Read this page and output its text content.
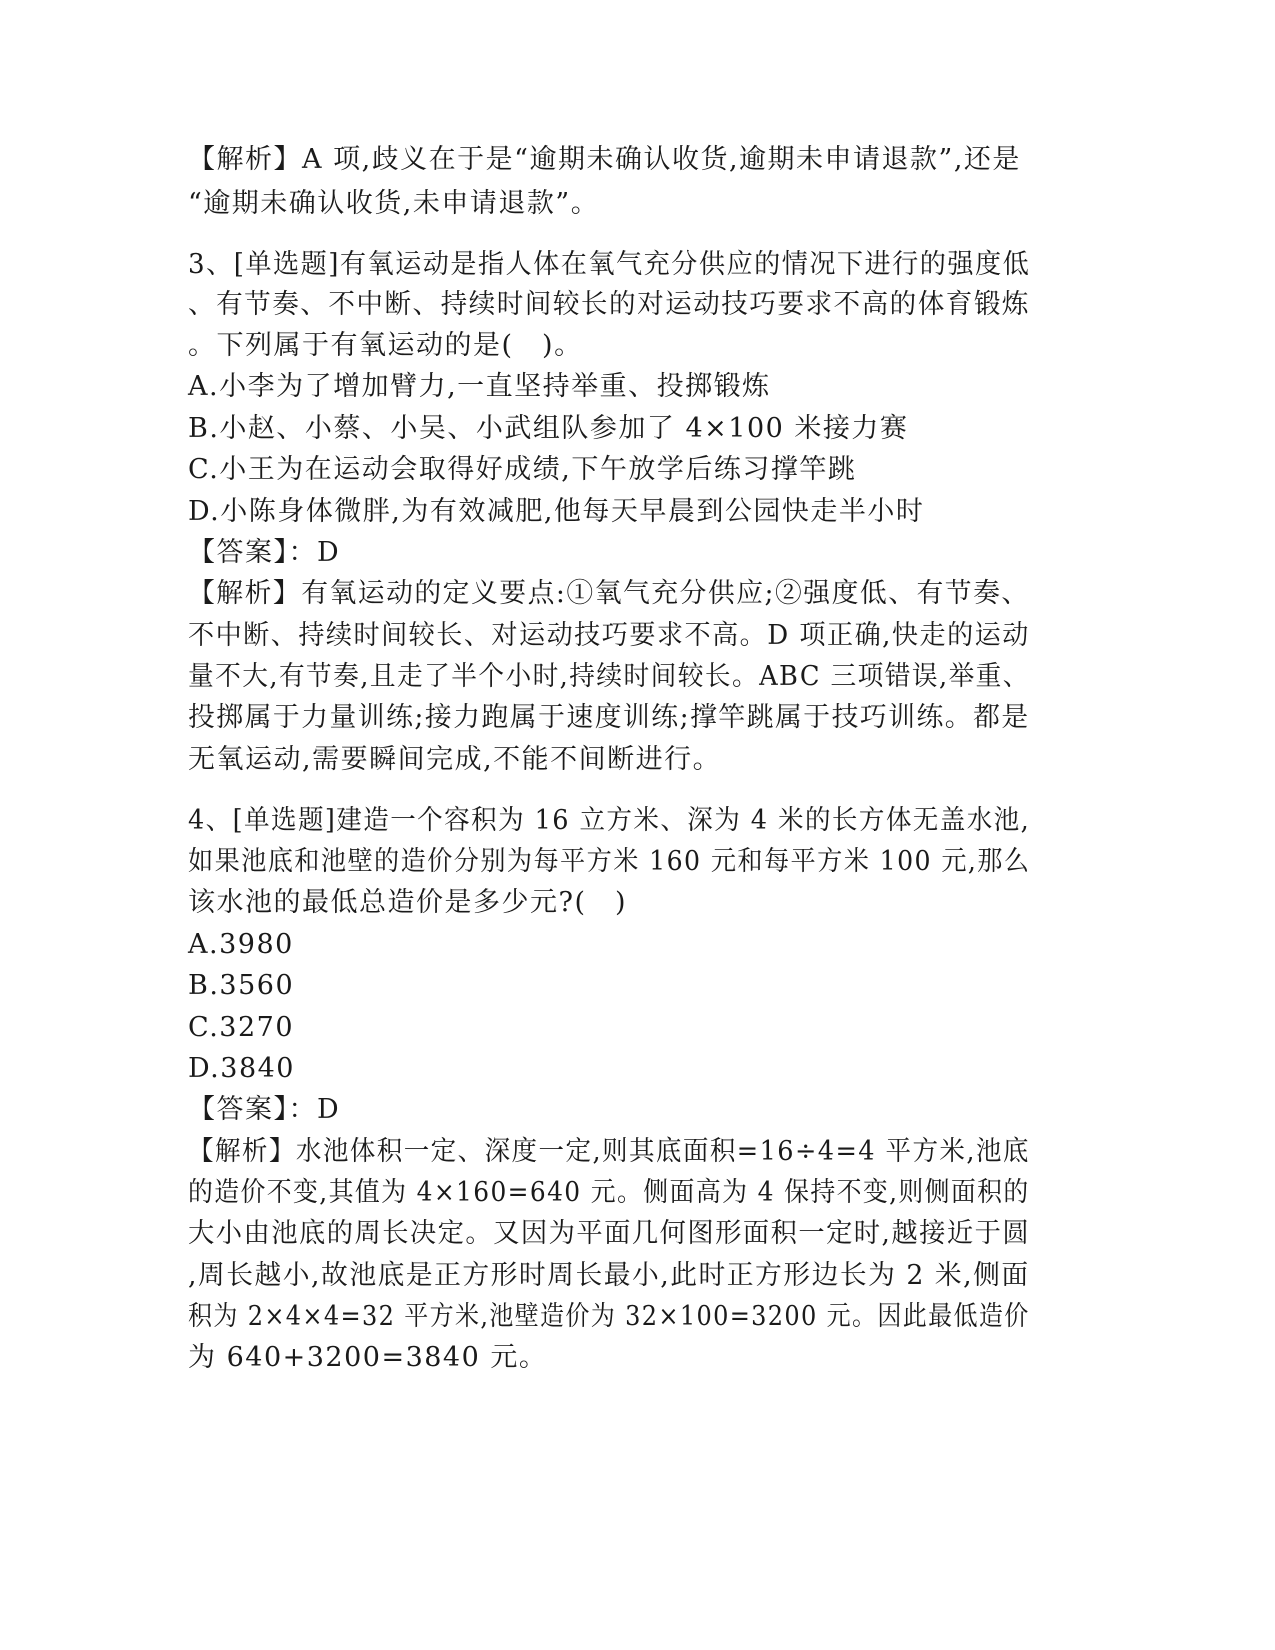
【解析】A 项,歧义在于是“逾期未确认收货,逾期未申请退款”,还是

“逾期未确认收货,未申请退款”。

3、[单选题]有氧运动是指人体在氧气充分供应的情况下进行的强度低

、有节奏、不中断、持续时间较长的对运动技巧要求不高的体育锻炼

。下列属于有氧运动的是(　)。

A.小李为了增加臂力,一直坚持举重、投掷锻炼

B.小赵、小蔡、小吴、小武组队参加了 4×100 米接力赛

C.小王为在运动会取得好成绩,下午放学后练习撑竿跳

D.小陈身体微胖,为有效减肥,他每天早晨到公园快走半小时

【答案】：D

【解析】有氧运动的定义要点:①氧气充分供应;②强度低、有节奏、

不中断、持续时间较长、对运动技巧要求不高。D 项正确,快走的运动

量不大,有节奏,且走了半个小时,持续时间较长。ABC 三项错误,举重、

投掷属于力量训练;接力跑属于速度训练;撑竿跳属于技巧训练。都是

无氧运动,需要瞬间完成,不能不间断进行。

4、[单选题]建造一个容积为 16 立方米、深为 4 米的长方体无盖水池,

如果池底和池壁的造价分别为每平方米 160 元和每平方米 100 元,那么

该水池的最低总造价是多少元?(　)

A.3980

B.3560

C.3270

D.3840

【答案】：D

【解析】水池体积一定、深度一定,则其底面积=16÷4=4 平方米,池底

的造价不变,其值为 4×160=640 元。侧面高为 4 保持不变,则侧面积的

大小由池底的周长决定。又因为平面几何图形面积一定时,越接近于圆

,周长越小,故池底是正方形时周长最小,此时正方形边长为 2 米,侧面

积为 2×4×4=32 平方米,池壁造价为 32×100=3200 元。因此最低造价

为 640+3200=3840 元。
